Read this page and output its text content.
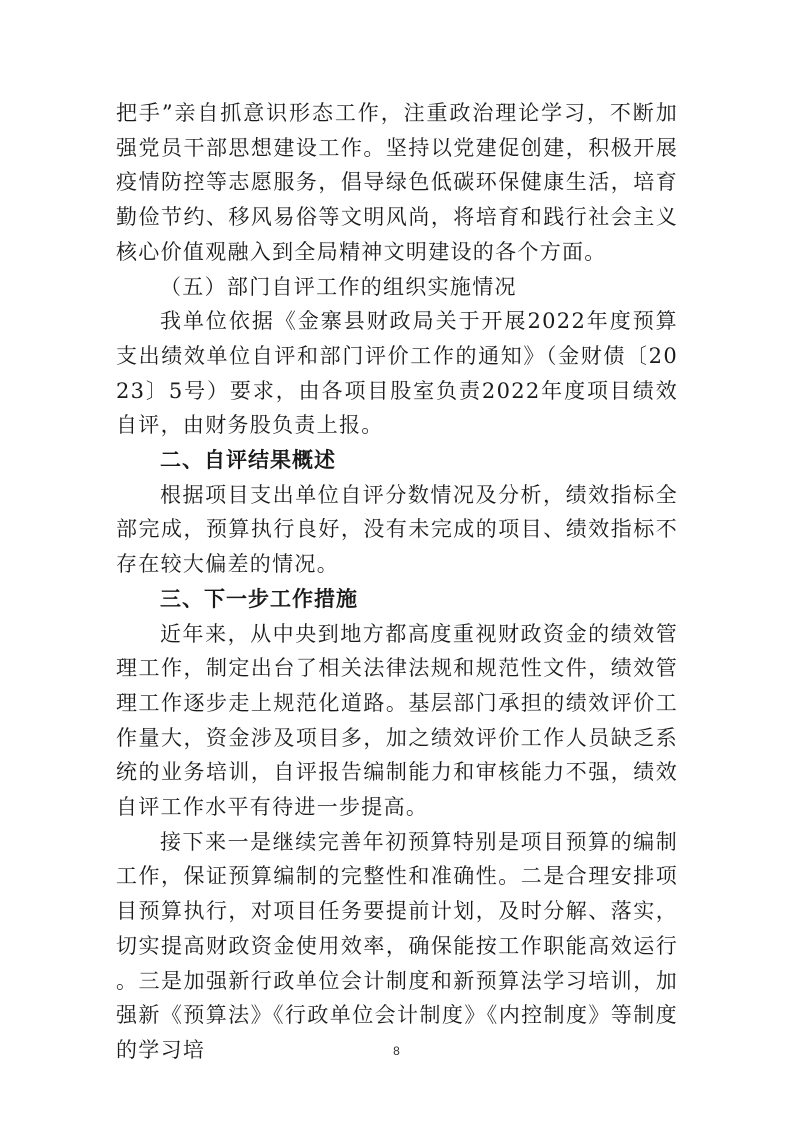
把手”亲自抓意识形态工作，注重政治理论学习，不断加强党员干部思想建设工作。坚持以党建促创建，积极开展疫情防控等志愿服务，倡导绿色低碳环保健康生活，培育勤俭节约、移风易俗等文明风尚，将培育和践行社会主义核心价值观融入到全局精神文明建设的各个方面。

（五）部门自评工作的组织实施情况

我单位依据《金寨县财政局关于开展2022年度预算支出绩效单位自评和部门评价工作的通知》（金财债〔2023〕5号）要求，由各项目股室负责2022年度项目绩效自评，由财务股负责上报。

二、自评结果概述

根据项目支出单位自评分数情况及分析，绩效指标全部完成，预算执行良好，没有未完成的项目、绩效指标不存在较大偏差的情况。

三、下一步工作措施

近年来，从中央到地方都高度重视财政资金的绩效管理工作，制定出台了相关法律法规和规范性文件，绩效管理工作逐步走上规范化道路。基层部门承担的绩效评价工作量大，资金涉及项目多，加之绩效评价工作人员缺乏系统的业务培训，自评报告编制能力和审核能力不强，绩效自评工作水平有待进一步提高。

接下来一是继续完善年初预算特别是项目预算的编制工作，保证预算编制的完整性和准确性。二是合理安排项目预算执行，对项目任务要提前计划，及时分解、落实，切实提高财政资金使用效率，确保能按工作职能高效运行。三是加强新行政单位会计制度和新预算法学习培训，加强新《预算法》《行政单位会计制度》《内控制度》等制度的学习培	8
